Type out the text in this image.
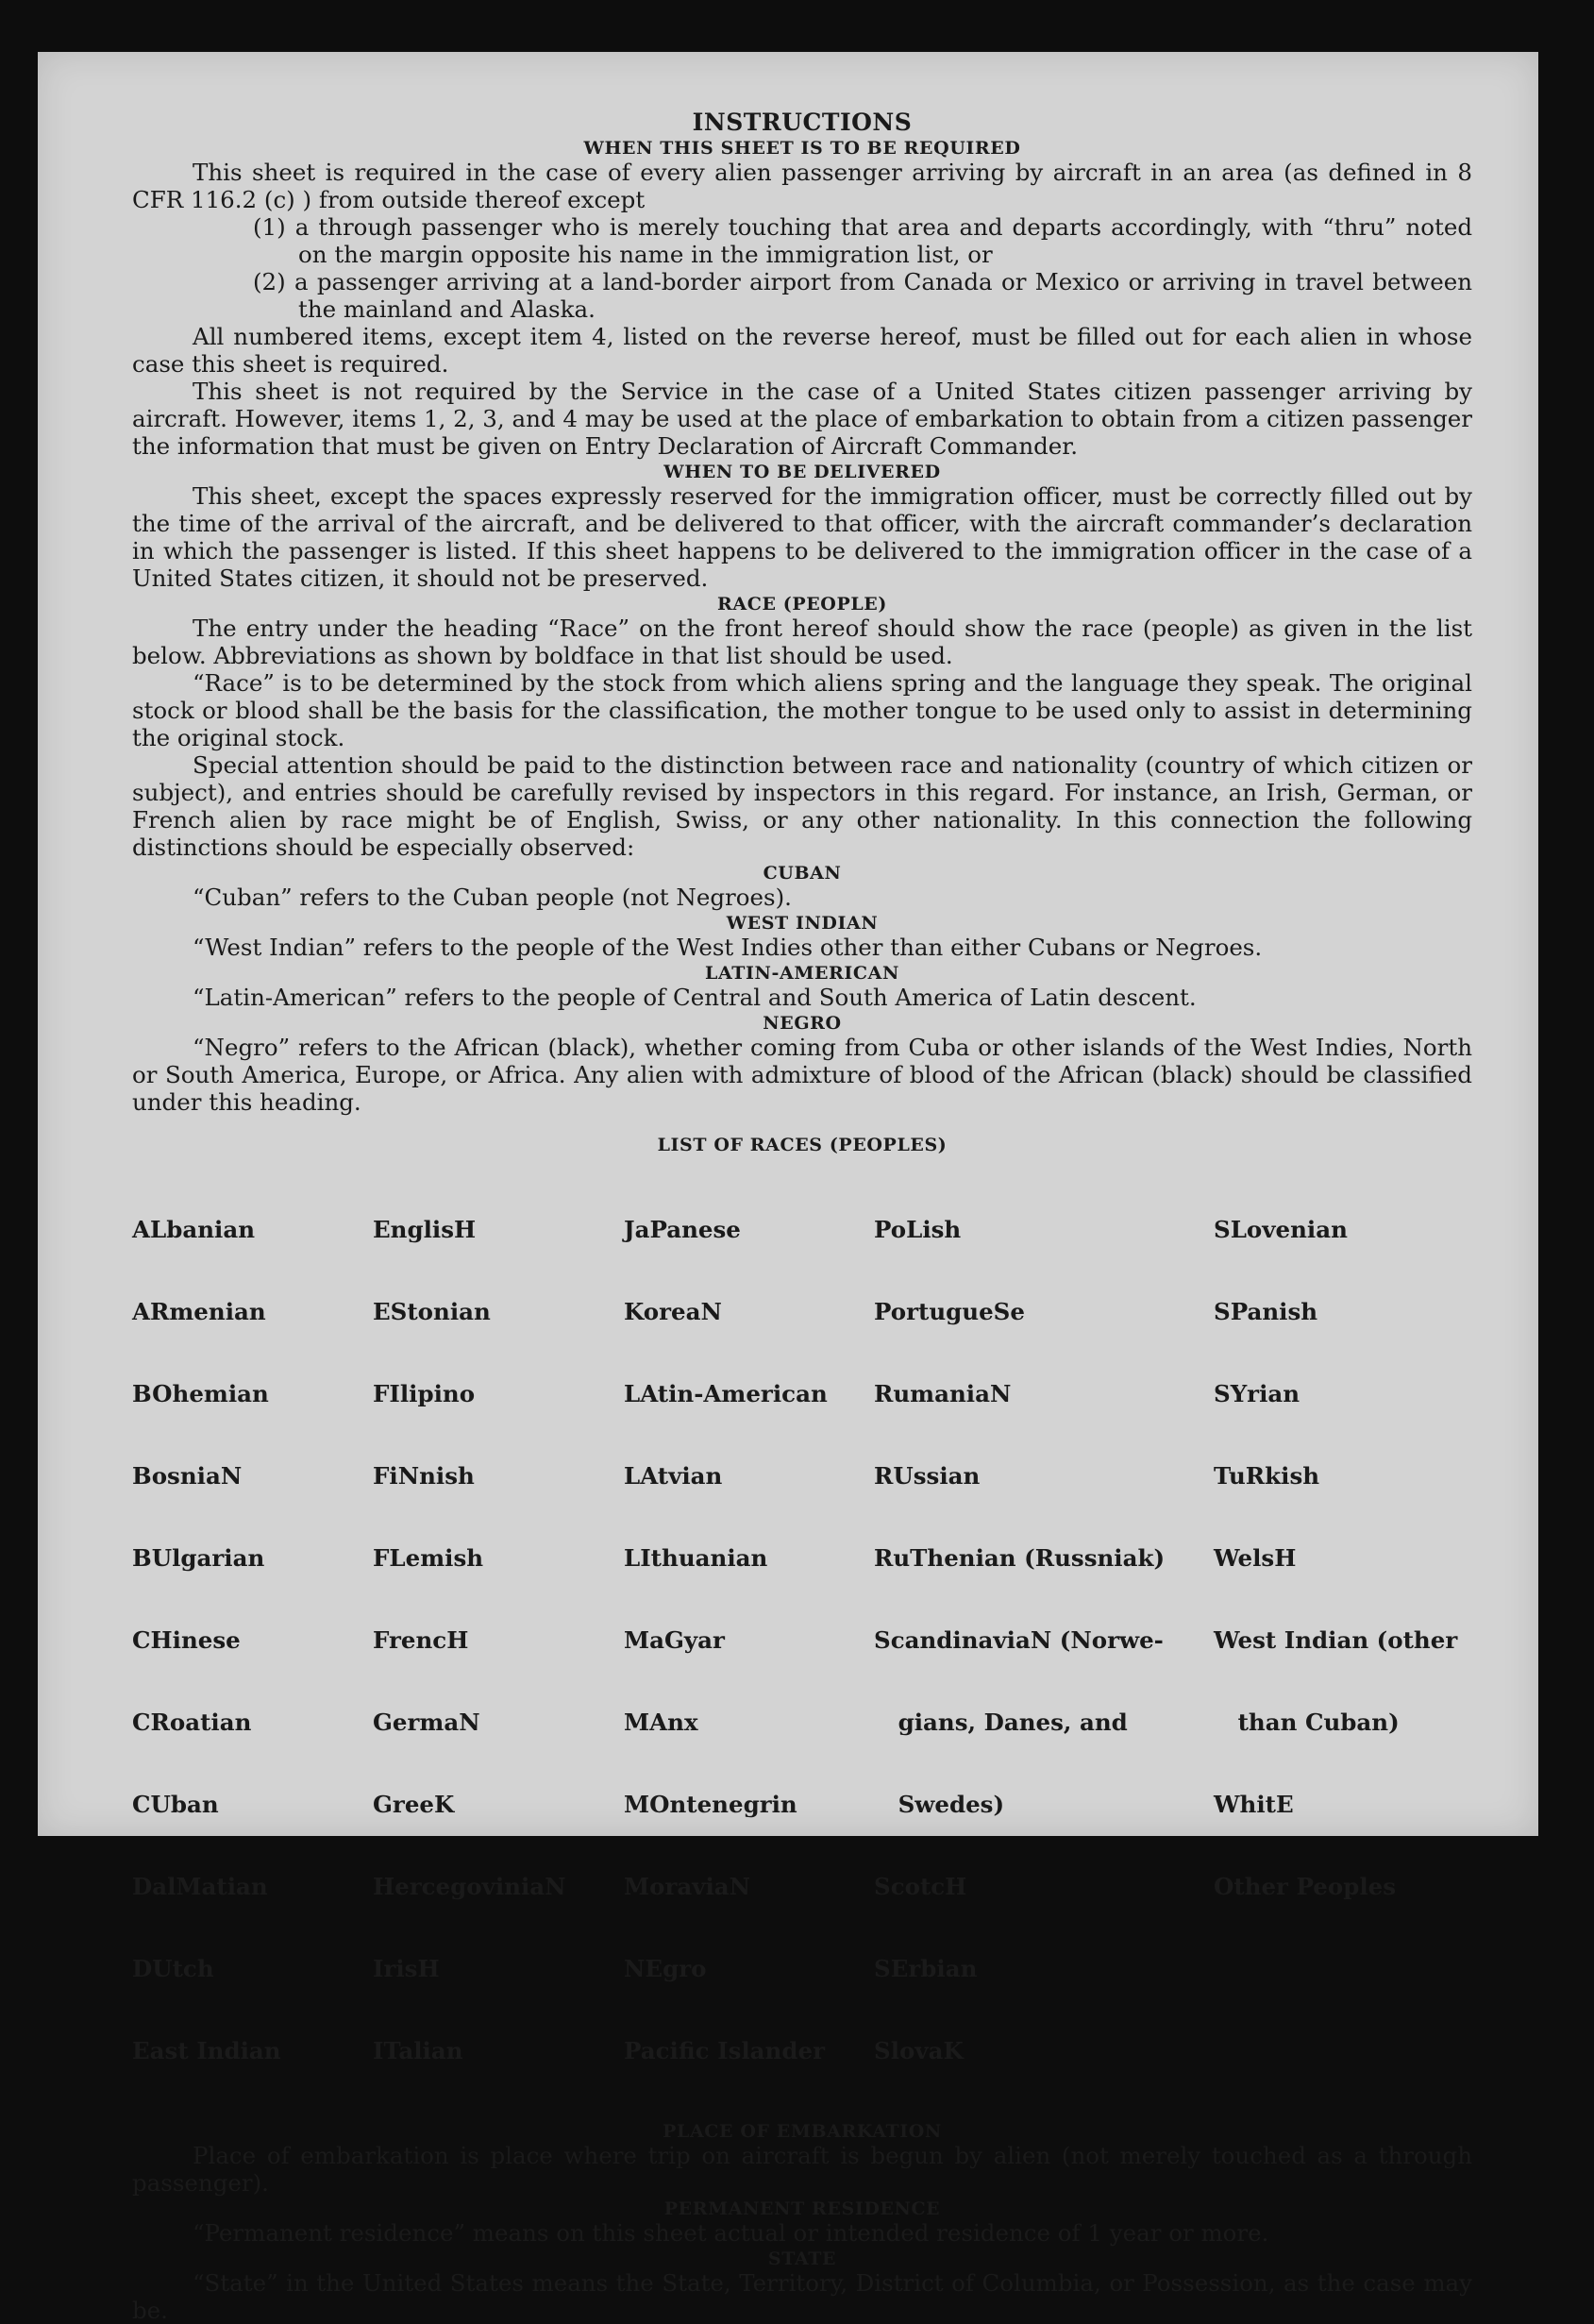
INSTRUCTIONS
WHEN THIS SHEET IS TO BE REQUIRED

This sheet is required in the case of every alien passenger arriving by aircraft in an area (as defined in 8 CFR 116.2 (c) ) from outside thereof except

(1) a through passenger who is merely touching that area and departs accordingly, with “thru” noted on the margin opposite his name in the immigration list, or

(2) a passenger arriving at a land-border airport from Canada or Mexico or arriving in travel between the mainland and Alaska.

All numbered items, except item 4, listed on the reverse hereof, must be filled out for each alien in whose case this sheet is required.

This sheet is not required by the Service in the case of a United States citizen passenger arriving by aircraft. However, items 1, 2, 3, and 4 may be used at the place of embarkation to obtain from a citizen passenger the information that must be given on Entry Declaration of Aircraft Commander.

WHEN TO BE DELIVERED

This sheet, except the spaces expressly reserved for the immigration officer, must be correctly filled out by the time of the arrival of the aircraft, and be delivered to that officer, with the aircraft commander’s declaration in which the passenger is listed. If this sheet happens to be delivered to the immigration officer in the case of a United States citizen, it should not be preserved.

RACE (PEOPLE)

The entry under the heading “Race” on the front hereof should show the race (people) as given in the list below. Abbreviations as shown by boldface in that list should be used.

“Race” is to be determined by the stock from which aliens spring and the language they speak. The original stock or blood shall be the basis for the classification, the mother tongue to be used only to assist in determining the original stock.

Special attention should be paid to the distinction between race and nationality (country of which citizen or subject), and entries should be carefully revised by inspectors in this regard. For instance, an Irish, German, or French alien by race might be of English, Swiss, or any other nationality. In this connection the following distinctions should be especially observed:

CUBAN

“Cuban” refers to the Cuban people (not Negroes).

WEST INDIAN

“West Indian” refers to the people of the West Indies other than either Cubans or Negroes.

LATIN-AMERICAN

“Latin-American” refers to the people of Central and South America of Latin descent.

NEGRO

“Negro” refers to the African (black), whether coming from Cuba or other islands of the West Indies, North or South America, Europe, or Africa. Any alien with admixture of blood of the African (black) should be classified under this heading.

LIST OF RACES (PEOPLES)

ALbanian

ARmenian

BOhemian

BosniaN

BUlgarian

CHinese

CRoatian

CUban

DalMatian

DUtch

East Indian

EnglisH

EStonian

FIlipino

FiNnish

FLemish

FrencH

GermaN

GreeK

HercegoviniaN

IrisH

ITalian

JaPanese

KoreaN

LAtin-American

LAtvian

LIthuanian

MaGyar

MAnx

MOntenegrin

MoraviaN

NEgro

Pacific Islander

PoLish

PortugueSe

RumaniaN

RUssian

RuThenian (Russniak)

ScandinaviaN (Norwe-

gians, Danes, and

Swedes)

ScotcH

SErbian

SlovaK

SLovenian

SPanish

SYrian

TuRkish

WelsH

West Indian (other

than Cuban)

WhitE

Other Peoples

PLACE OF EMBARKATION

Place of embarkation is place where trip on aircraft is begun by alien (not merely touched as a through passenger).

PERMANENT RESIDENCE

“Permanent residence” means on this sheet actual or intended residence of 1 year or more.

STATE

“State” in the United States means the State, Territory, District of Columbia, or Possession, as the case may be.
